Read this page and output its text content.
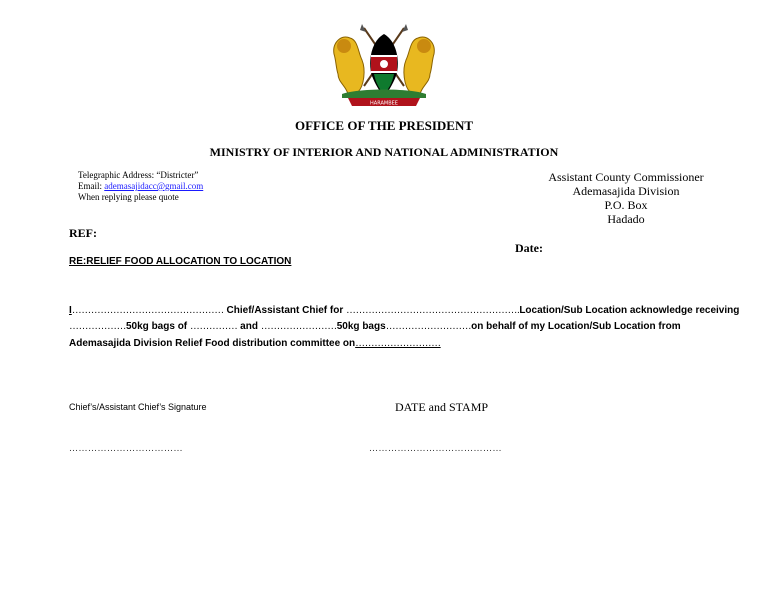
HARAMBEE
OFFICE OF THE PRESIDENT
MINISTRY OF INTERIOR AND NATIONAL ADMINISTRATION
Telegraphic Address: “Districter”
Email: ademasajidacc@gmail.com
When replying please quote
Assistant County Commissioner
Ademasajida Division
P.O. Box
Hadado
REF:
Date:
RE:RELIEF FOOD ALLOCATION TO LOCATION
I………………………………………… Chief/Assistant Chief for ……………………………………………….Location/Sub Location acknowledge receiving
………………50kg bags of …………… and ……………………50kg bags………………………on behalf of my Location/Sub Location from
Ademasajida Division Relief Food distribution committee on………………………
Chief’s/Assistant Chief’s Signature	DATE and STAMP
………………………………	……………………………………
